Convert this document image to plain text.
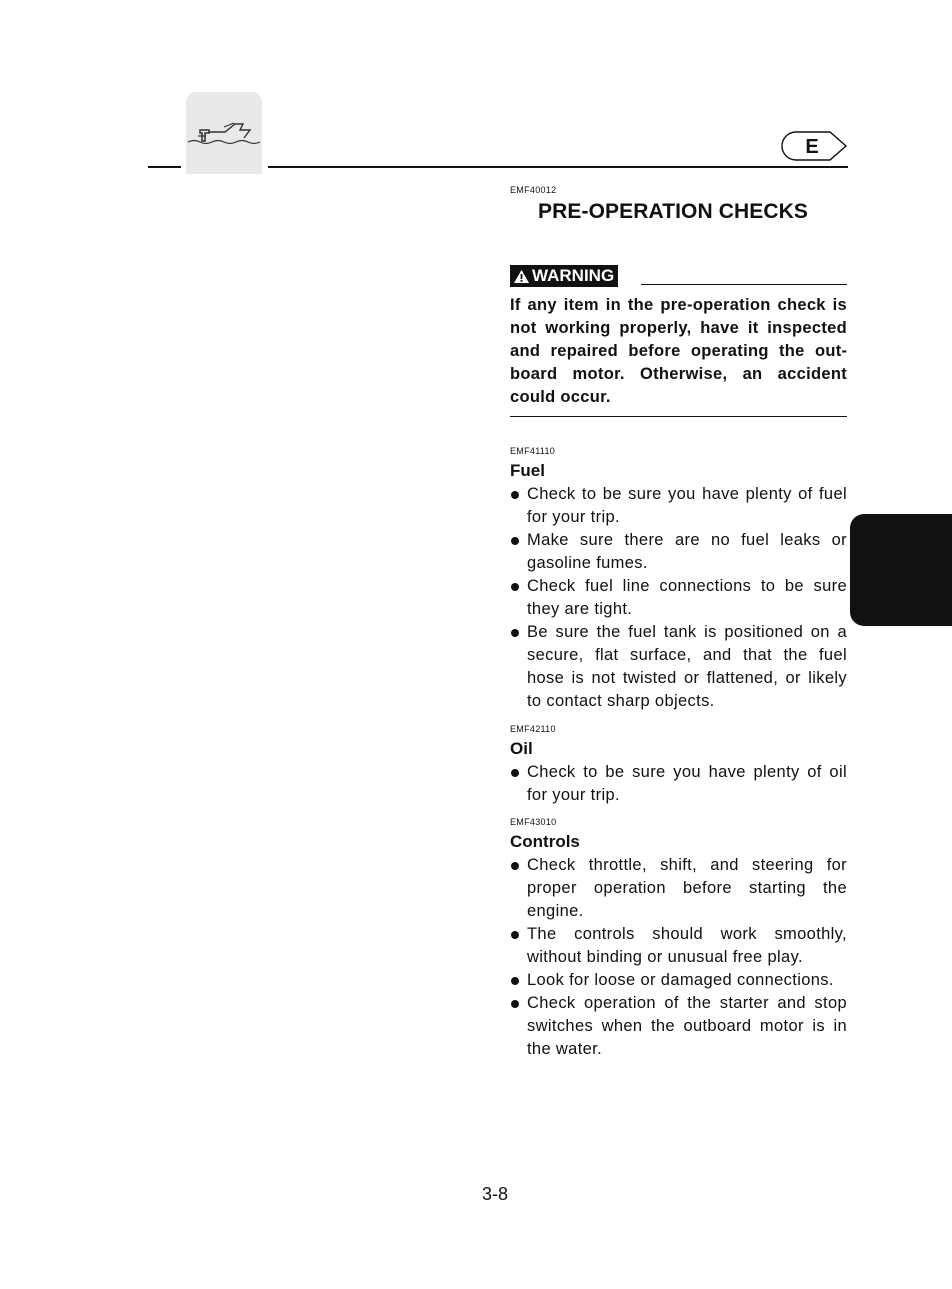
E
EMF40012
PRE-OPERATION CHECKS
WARNING
If any item in the pre-operation check is not working properly, have it inspected and repaired before operating the outboard motor. Otherwise, an accident could occur.
EMF41110
Fuel
Check to be sure you have plenty of fuel for your trip.
Make sure there are no fuel leaks or gasoline fumes.
Check fuel line connections to be sure they are tight.
Be sure the fuel tank is positioned on a secure, flat surface, and that the fuel hose is not twisted or flattened, or likely to contact sharp objects.
EMF42110
Oil
Check to be sure you have plenty of oil for your trip.
EMF43010
Controls
Check throttle, shift, and steering for proper operation before starting the engine.
The controls should work smoothly, without binding or unusual free play.
Look for loose or damaged connections.
Check operation of the starter and stop switches when the outboard motor is in the water.
3-8
